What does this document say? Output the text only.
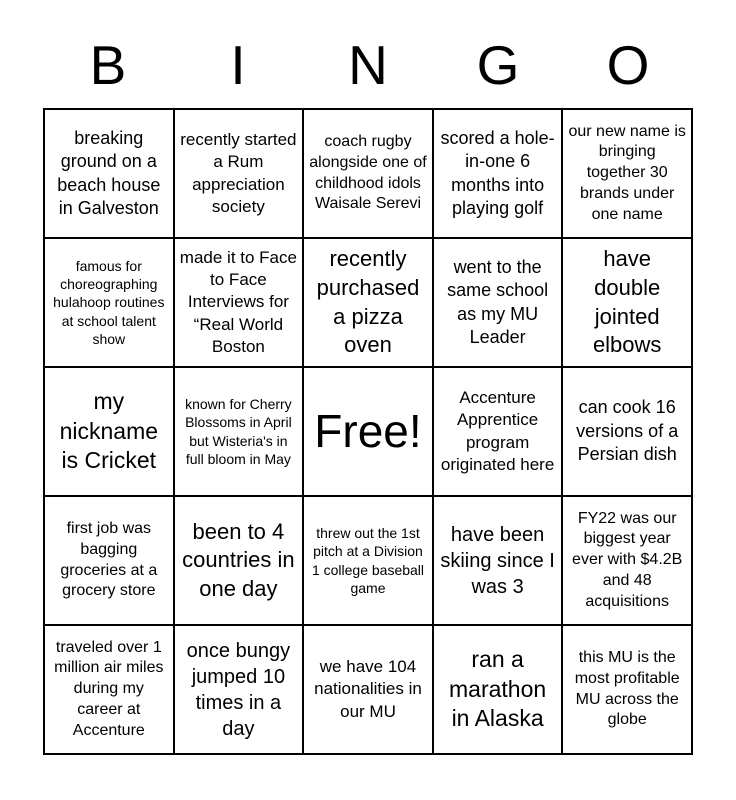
B	I	N	G	O
breaking ground on a beach house in Galveston
recently started a Rum appreciation society
coach rugby alongside one of childhood idols Waisale Serevi
scored a hole-in-one 6 months into playing golf
our new name is bringing together 30 brands under one name
famous for choreographing hulahoop routines at school talent show
made it to Face to Face Interviews for “Real World Boston
recently purchased a pizza oven
went to the same school as my MU Leader
have double jointed elbows
my nickname is Cricket
known for Cherry Blossoms in April but Wisteria's in full bloom in May
Free!
Accenture Apprentice program originated here
can cook 16 versions of a Persian dish
first job was bagging groceries at a grocery store
been to 4 countries in one day
threw out the 1st pitch at a Division 1 college baseball game
have been skiing since I was 3
FY22 was our biggest year ever with $4.2B and 48 acquisitions
traveled over 1 million air miles during my career at Accenture
once bungy jumped 10 times in a day
we have 104 nationalities in our MU
ran a marathon in Alaska
this MU is the most profitable MU across the globe
